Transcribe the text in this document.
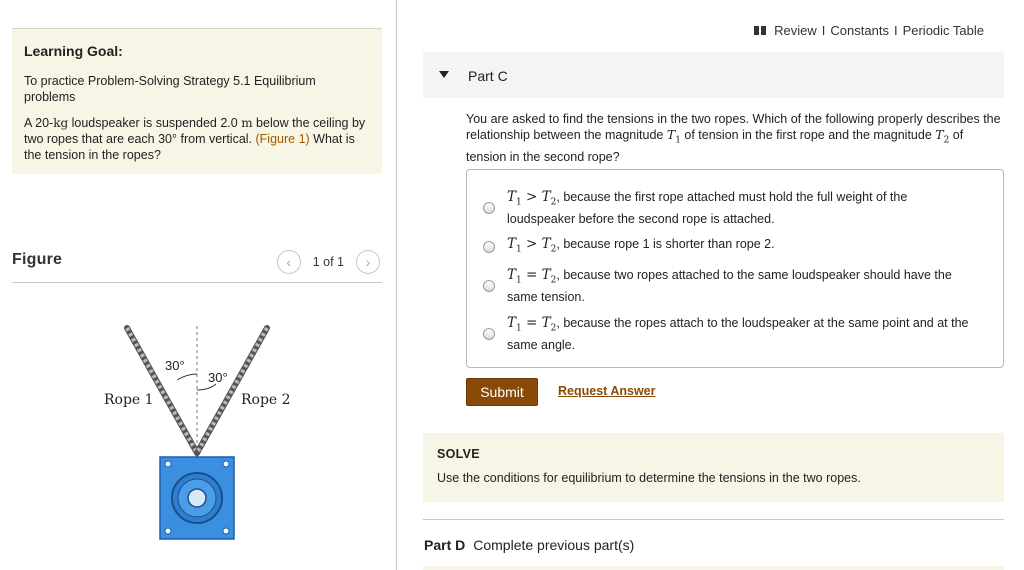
Learning Goal:

To practice Problem-Solving Strategy 5.1 Equilibrium problems

A 20-kg loudspeaker is suspended 2.0 m below the ceiling by two ropes that are each 30° from vertical. (Figure 1) What is the tension in the ropes?

Figure	‹ 1 of 1 ›
30°
30°
Rope 1	Rope 2
Review I Constants I Periodic Table
Part C
You are asked to find the tensions in the two ropes. Which of the following properly describes the relationship between the magnitude $T_1$ of tension in the first rope and the magnitude $T_2$ of tension in the second rope?
$T_1 > T_2$, because the first rope attached must hold the full weight of the loudspeaker before the second rope is attached.
$T_1 > T_2$, because rope 1 is shorter than rope 2.
$T_1 = T_2$, because two ropes attached to the same loudspeaker should have the same tension.
$T_1 = T_2$, because the ropes attach to the loudspeaker at the same point and at the same angle.
Submit	Request Answer
SOLVE
Use the conditions for equilibrium to determine the tensions in the two ropes.
Part D Complete previous part(s)
